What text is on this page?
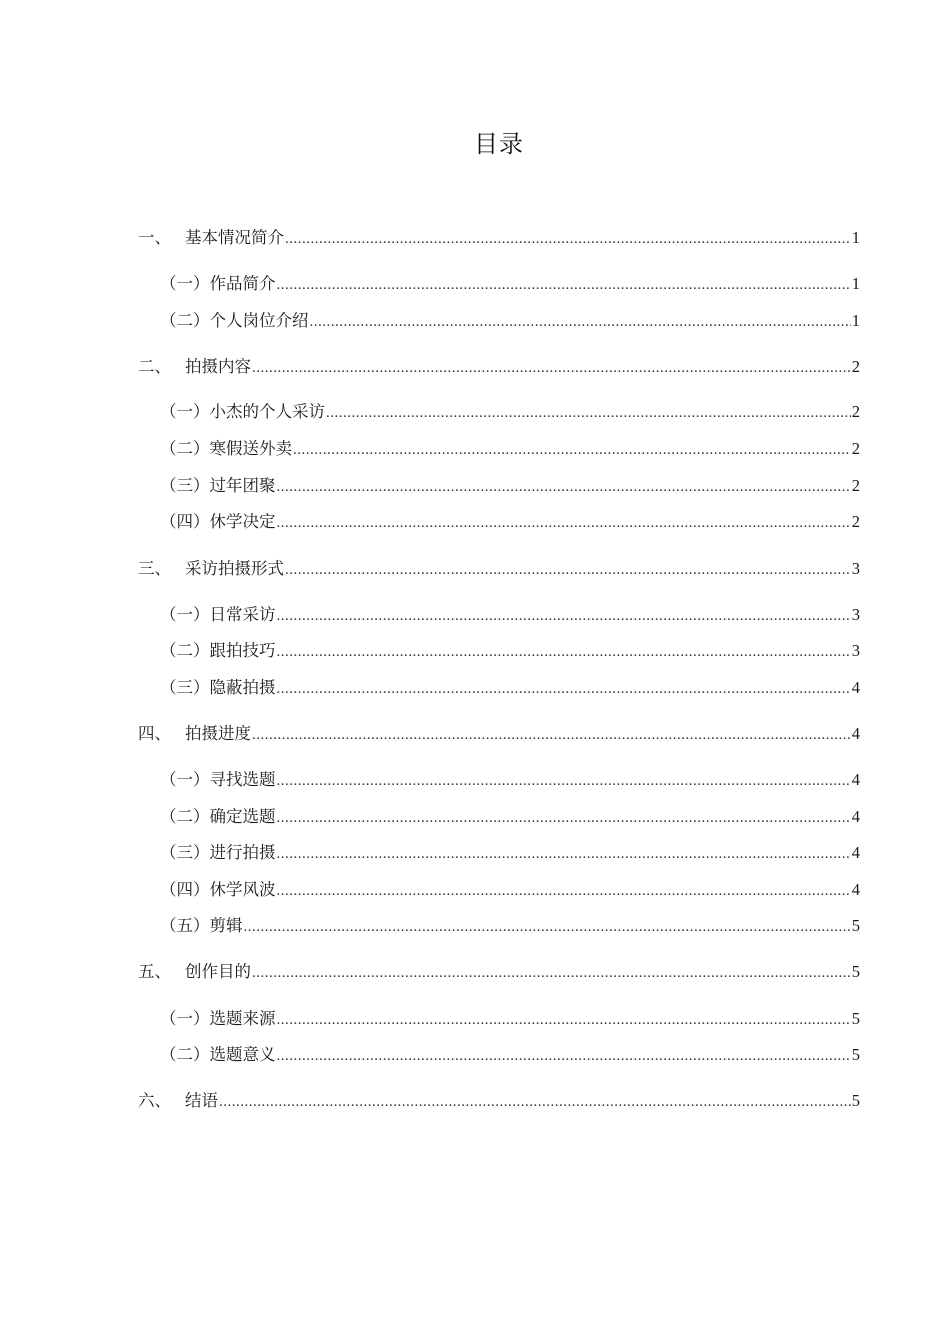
目录
一、 基本情况简介 .....	1
（一） 作品简介 .....	1
（二） 个人岗位介绍 .....	1
二、 拍摄内容 .....	2
（一） 小杰的个人采访 .....	2
（二） 寒假送外卖 .....	2
（三） 过年团聚 .....	2
（四） 休学决定 .....	2
三、 采访拍摄形式 .....	3
（一） 日常采访 .....	3
（二） 跟拍技巧 .....	3
（三） 隐蔽拍摄 .....	4
四、 拍摄进度 .....	4
（一） 寻找选题 .....	4
（二） 确定选题 .....	4
（三） 进行拍摄 .....	4
（四） 休学风波 .....	4
（五） 剪辑 .....	5
五、 创作目的 .....	5
（一） 选题来源 .....	5
（二） 选题意义 .....	5
六、 结语 .....	5
